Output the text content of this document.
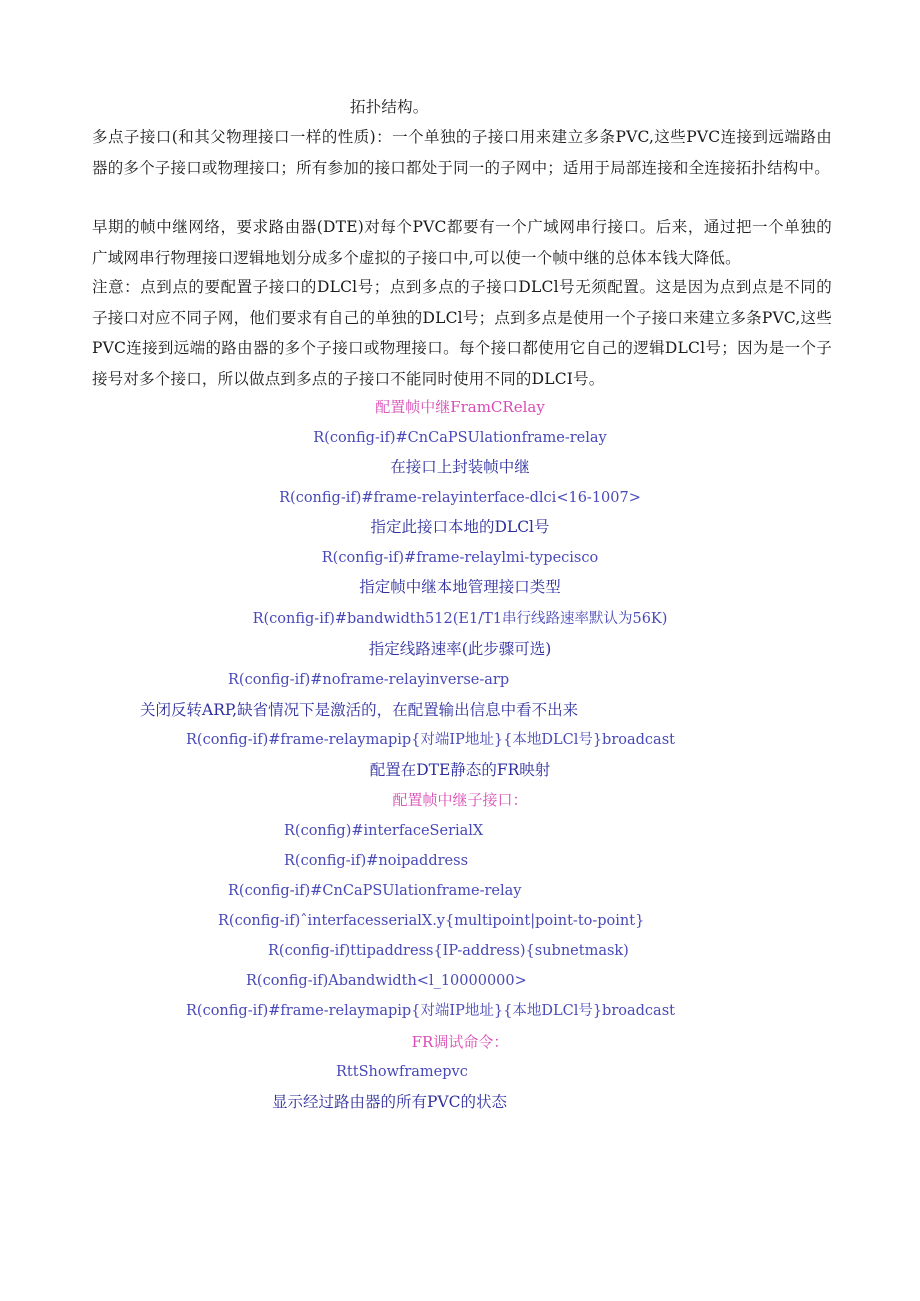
拓扑结构。

多点子接口(和其父物理接口一样的性质)：一个单独的子接口用来建立多条PVC,这些PVC连接到远端路由器的多个子接口或物理接口；所有参加的接口都处于同一的子网中；适用于局部连接和全连接拓扑结构中。

早期的帧中继网络，要求路由器(DTE)对每个PVC都要有一个广域网串行接口。后来，通过把一个单独的广域网串行物理接口逻辑地划分成多个虚拟的子接口中,可以使一个帧中继的总体本钱大降低。

注意：点到点的要配置子接口的DLCl号；点到多点的子接口DLCl号无须配置。这是因为点到点是不同的子接口对应不同子网，他们要求有自己的单独的DLCl号；点到多点是使用一个子接口来建立多条PVC,这些PVC连接到远端的路由器的多个子接口或物理接口。每个接口都使用它自己的逻辑DLCl号；因为是一个子接号对多个接口，所以做点到多点的子接口不能同时使用不同的DLCI号。

配置帧中继FramCRelay
R(config-if)#CnCaPSUlationframe-relay
在接口上封装帧中继
R(config-if)#frame-relayinterface-dlci<16-1007>
指定此接口本地的DLCl号
R(config-if)#frame-relaylmi-typecisco
指定帧中继本地管理接口类型
R(config-if)#bandwidth512(E1/T1串行线路速率默认为56K)
指定线路速率(此步骤可选)
R(config-if)#noframe-relayinverse-arp
关闭反转ARP,缺省情况下是激活的，在配置输出信息中看不出来
R(config-if)#frame-relaymapip{对端IP地址}{本地DLCl号}broadcast
配置在DTE静态的FR映射
配置帧中继子接口：
R(config)#interfaceSerialX
R(config-if)#noipaddress
R(config-if)#CnCaPSUlationframe-relay
R(config-if)ˆinterfacesserialX.y{multipoint|point-to-point}
R(config-if)ttipaddress{IP-address){subnetmask)
R(config-if)Abandwidth<l_10000000>
R(config-if)#frame-relaymapip{对端IP地址}{本地DLCl号}broadcast
FR调试命令：
RttShowframepvc
显示经过路由器的所有PVC的状态
